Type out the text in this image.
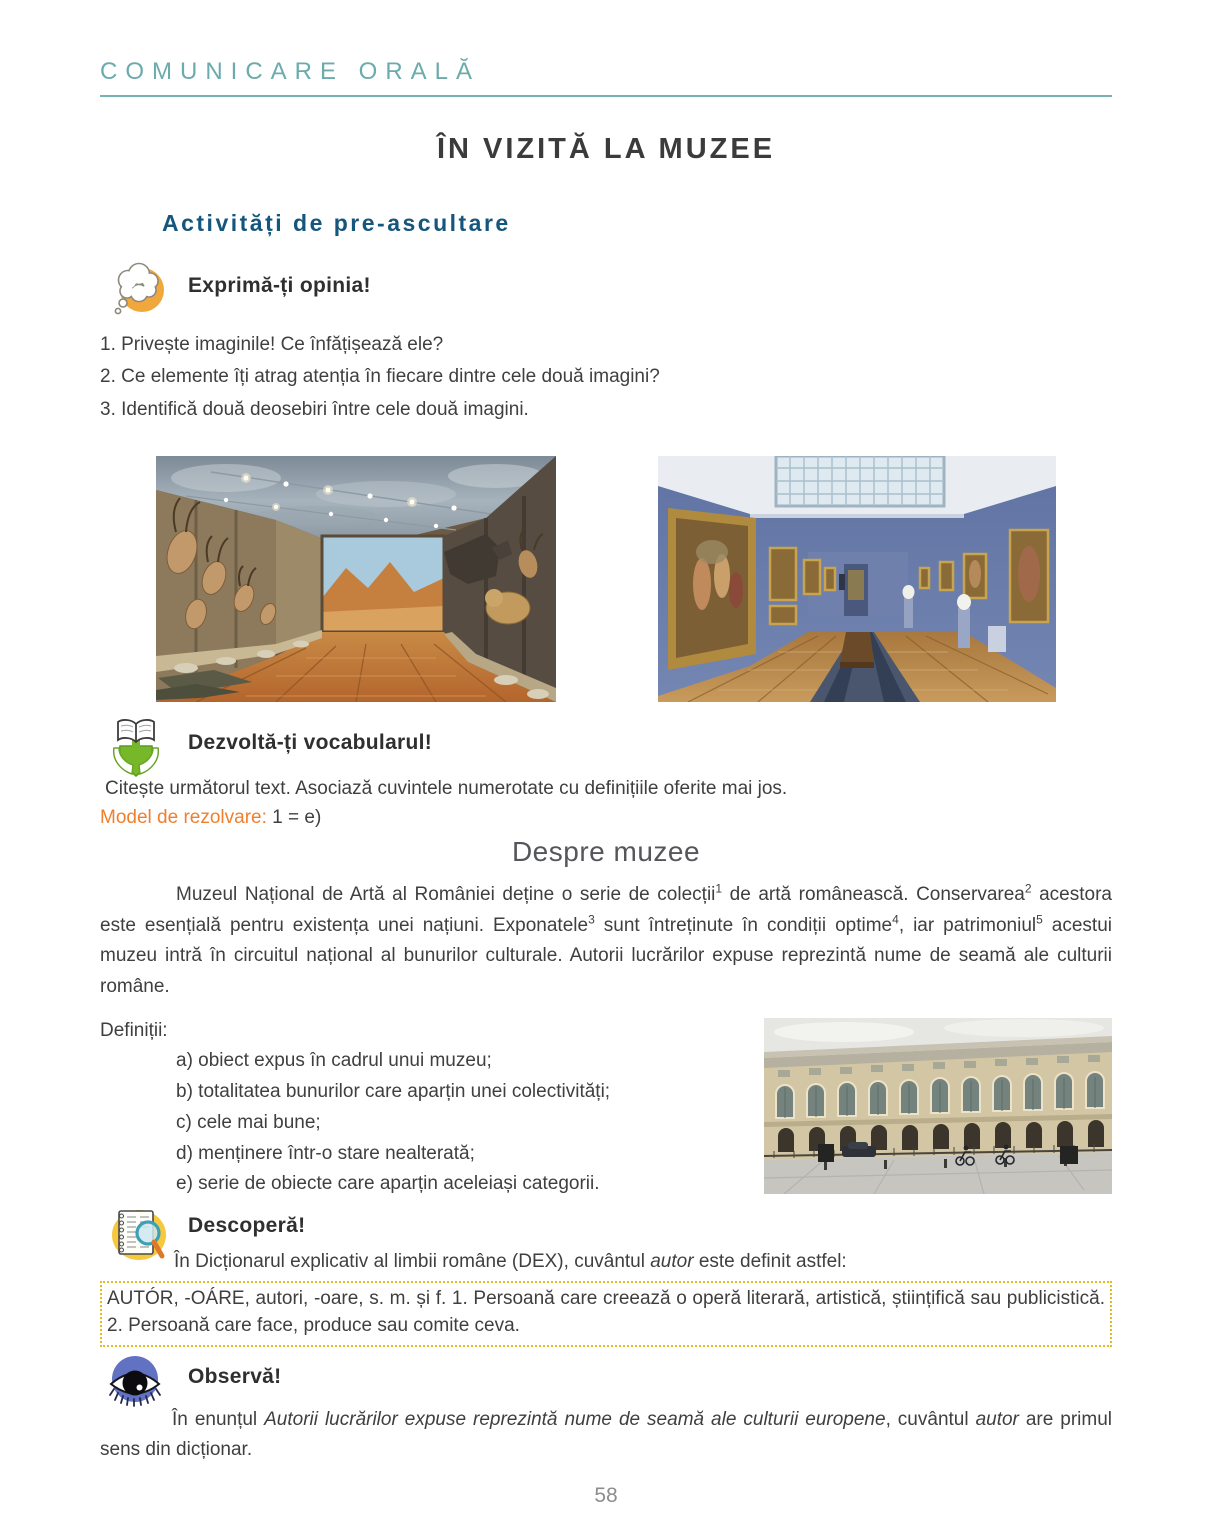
COMUNICARE ORALĂ
ÎN VIZITĂ LA MUZEE
Activități de pre-ascultare
Exprimă-ți opinia!
1. Privește imaginile! Ce înfățișează ele?
2. Ce elemente îți atrag atenția în fiecare dintre cele două imagini?
3. Identifică două deosebiri între cele două imagini.
Dezvoltă-ți vocabularul!

Citește următorul text. Asociază cuvintele numerotate cu definițiile oferite mai jos.

Model de rezolvare: 1 = e)

Despre muzee

Muzeul Național de Artă al României deține o serie de colecții$^1$ de artă românească. Conservarea$^2$ acestora este esențială pentru existența unei națiuni. Exponatele$^3$ sunt întreținute în condiții optime$^4$, iar patrimoniul$^5$ acestui muzeu intră în circuitul național al bunurilor culturale. Autorii lucrărilor expuse reprezintă nume de seamă ale culturii române.

Definiții:
a) obiect expus în cadrul unui muzeu;
b) totalitatea bunurilor care aparțin unei colectivități;
c) cele mai bune;
d) menținere într-o stare nealterată;
e) serie de obiecte care aparțin aceleiași categorii.
Descoperă!

În Dicționarul explicativ al limbii române (DEX), cuvântul autor este definit astfel:

AUTÓR, -OÁRE, autori, -oare, s. m. și f. 1. Persoană care creează o operă literară, artistică, științifică sau publicistică. 2. Persoană care face, produce sau comite ceva.
Observă!

În enunțul Autorii lucrărilor expuse reprezintă nume de seamă ale culturii europene, cuvântul autor are primul sens din dicționar.

58
